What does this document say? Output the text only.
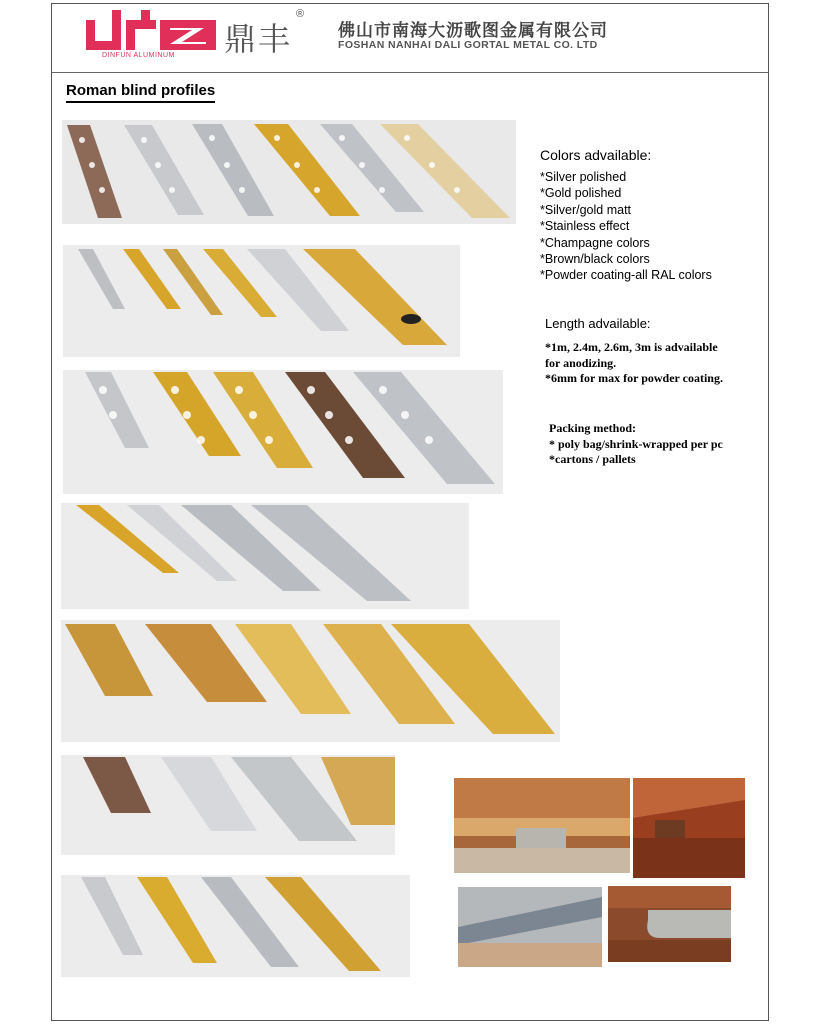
®
DINFUN ALUMINUM 鼎丰	佛山市南海大沥歌图金属有限公司
FOSHAN NANHAI DALI GORTAL METAL CO. LTD
Roman blind profiles
Colors advailable:
*Silver polished
*Gold polished
*Silver/gold matt
*Stainless effect
*Champagne colors
*Brown/black colors
*Powder coating-all RAL colors
Length advailable:
*1m, 2.4m, 2.6m, 3m is advailable
for anodizing.
*6mm for max for powder coating.
Packing method:
* poly bag/shrink-wrapped per pc
*cartons / pallets
